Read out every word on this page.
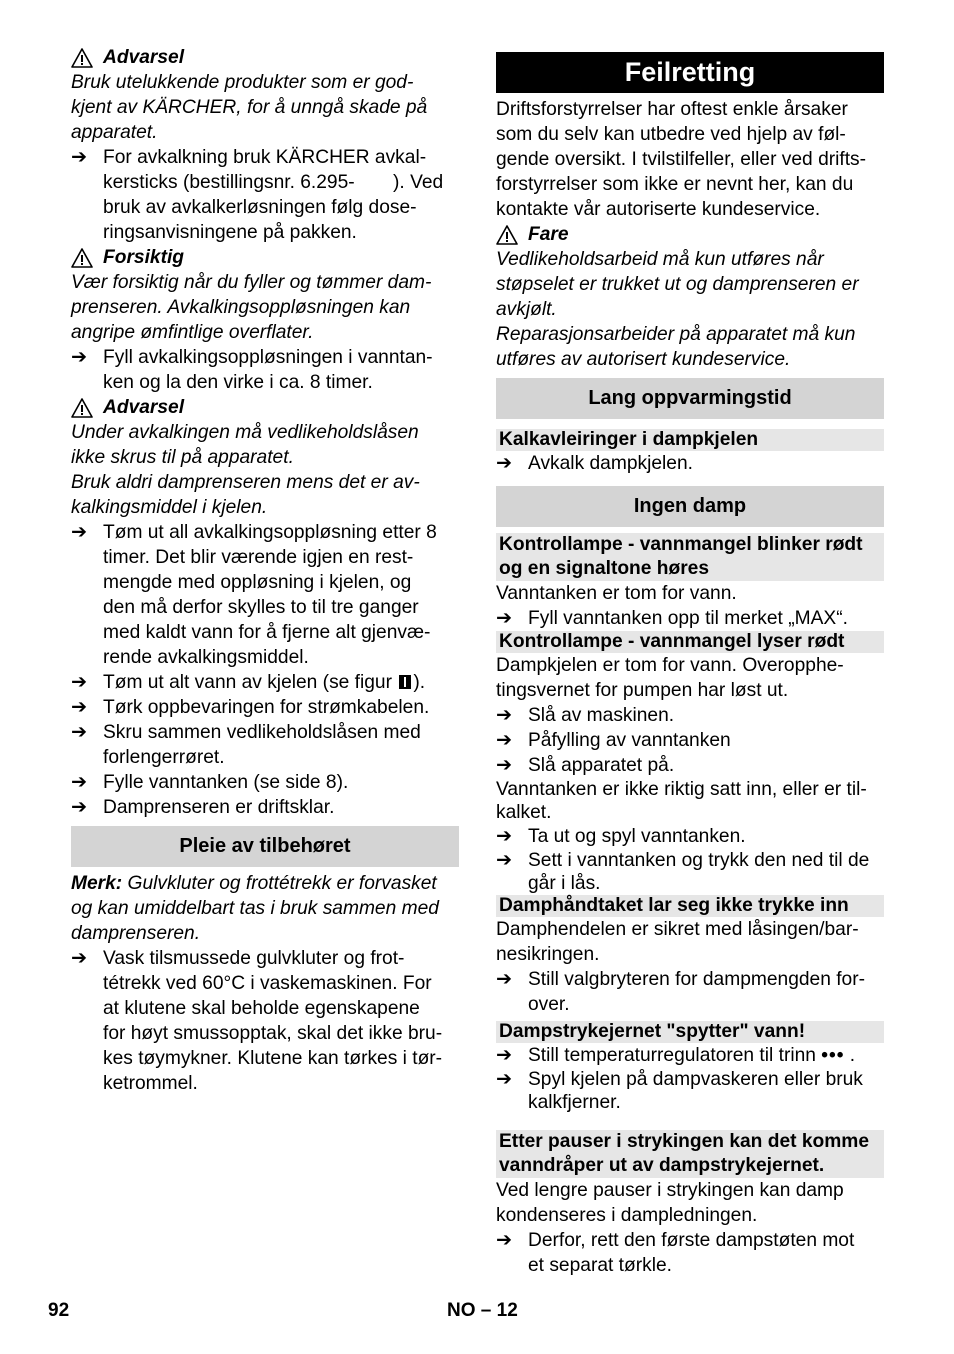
Advarsel

Bruk utelukkende produkter som er god-

kjent av KÄRCHER, for å unngå skade på

apparatet.

➔ For avkalkning bruk KÄRCHER avkal-

kersticks (bestillingsnr. 6.295-  ). Ved

bruk av avkalkerløsningen følg dose-

ringsanvisningene på pakken.

Forsiktig

Vær forsiktig når du fyller og tømmer dam-

prenseren. Avkalkingsoppløsningen kan

angripe ømfintlige overflater.

➔ Fyll avkalkingsoppløsningen i vanntan-

ken og la den virke i ca. 8 timer.

Advarsel

Under avkalkingen må vedlikeholdslåsen

ikke skrus til på apparatet.

Bruk aldri damprenseren mens det er av-

kalkingsmiddel i kjelen.

➔ Tøm ut all avkalkingsoppløsning etter 8

timer. Det blir værende igjen en rest-

mengde med oppløsning i kjelen, og

den må derfor skylles to til tre ganger

med kaldt vann for å fjerne alt gjenvæ-

rende avkalkingsmiddel.

➔ Tøm ut alt vann av kjelen (se figur ).
➔ Tørk oppbevaringen for strømkabelen.

➔ Skru sammen vedlikeholdslåsen med

forlengerrøret.

➔ Fylle vanntanken (se side 8).

➔ Damprenseren er driftsklar.

Pleie av tilbehøret

Merk: Gulvkluter og frottétrekk er forvasket

og kan umiddelbart tas i bruk sammen med

damprenseren.

➔ Vask tilsmussede gulvkluter og frot-

tétrekk ved 60°C i vaskemaskinen. For

at klutene skal beholde egenskapene

for høyt smussopptak, skal det ikke bru-

kes tøymykner. Klutene kan tørkes i tør-

ketrommel.

Feilretting

Driftsforstyrrelser har oftest enkle årsaker

som du selv kan utbedre ved hjelp av føl-

gende oversikt. I tvilstilfeller, eller ved drifts-

forstyrrelser som ikke er nevnt her, kan du

kontakte vår autoriserte kundeservice.

Fare

Vedlikeholdsarbeid må kun utføres når

støpselet er trukket ut og damprenseren er

avkjølt.

Reparasjonsarbeider på apparatet må kun

utføres av autorisert kundeservice.

Lang oppvarmingstid
Kalkavleiringer i dampkjelen
➔ Avkalk dampkjelen.

Ingen damp

Kontrollampe - vannmangel blinker rødt

og en signaltone høres

Vanntanken er tom for vann.

➔ Fyll vanntanken opp til merket „MAX“.

Kontrollampe - vannmangel lyser rødt

Dampkjelen er tom for vann. Overopphe-

tingsvernet for pumpen har løst ut.

➔ Slå av maskinen.

➔ Påfylling av vanntanken

➔ Slå apparatet på.

Vanntanken er ikke riktig satt inn, eller er til-

kalket.

➔ Ta ut og spyl vanntanken.

➔ Sett i vanntanken og trykk den ned til de

går i lås.

Damphåndtaket lar seg ikke trykke inn

Damphendelen er sikret med låsingen/bar-

nesikringen.

➔ Still valgbryteren for dampmengden for-

over.

Dampstrykejernet "spytter" vann!
➔ Still temperaturregulatoren til trinn ••• .

➔ Spyl kjelen på dampvaskeren eller bruk

kalkfjerner.

Etter pauser i strykingen kan det komme

vanndråper ut av dampstrykejernet.

Ved lengre pauser i strykingen kan damp

kondenseres i dampledningen.

➔ Derfor, rett den første dampstøten mot

et separat tørkle.

92	NO – 12
